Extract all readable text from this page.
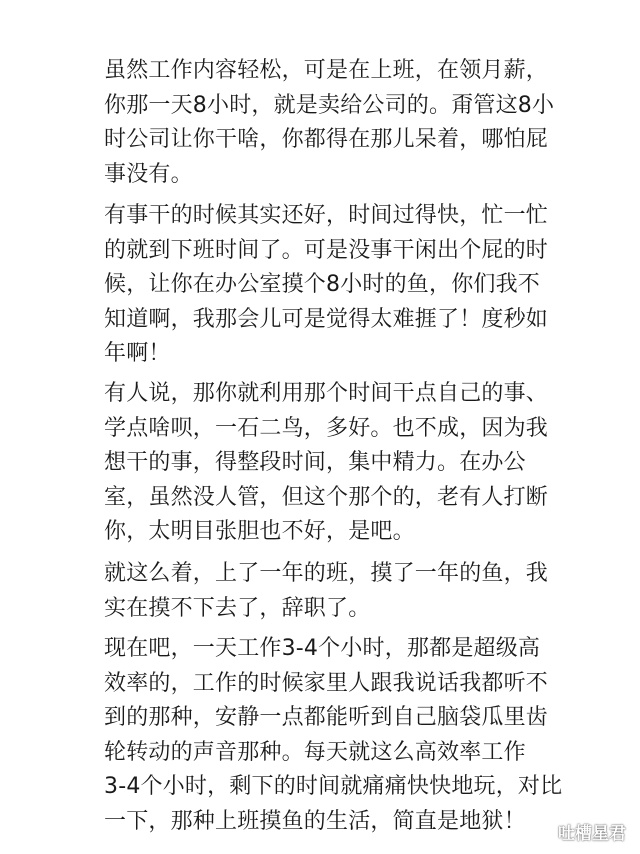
虽然工作内容轻松，可是在上班，在领月薪，
你那一天8小时，就是卖给公司的。甭管这8小
时公司让你干啥，你都得在那儿呆着，哪怕屁
事没有。
有事干的时候其实还好，时间过得快，忙一忙
的就到下班时间了。可是没事干闲出个屁的时
候，让你在办公室摸个8小时的鱼，你们我不
知道啊，我那会儿可是觉得太难捱了！度秒如
年啊！
有人说，那你就利用那个时间干点自己的事、
学点啥呗，一石二鸟，多好。也不成，因为我
想干的事，得整段时间，集中精力。在办公
室，虽然没人管，但这个那个的，老有人打断
你，太明目张胆也不好，是吧。
就这么着，上了一年的班，摸了一年的鱼，我
实在摸不下去了，辞职了。
现在吧，一天工作3-4个小时，那都是超级高
效率的，工作的时候家里人跟我说话我都听不
到的那种，安静一点都能听到自己脑袋瓜里齿
轮转动的声音那种。每天就这么高效率工作
3-4个小时，剩下的时间就痛痛快快地玩，对比
一下，那种上班摸鱼的生活，简直是地狱！
吐槽星君
